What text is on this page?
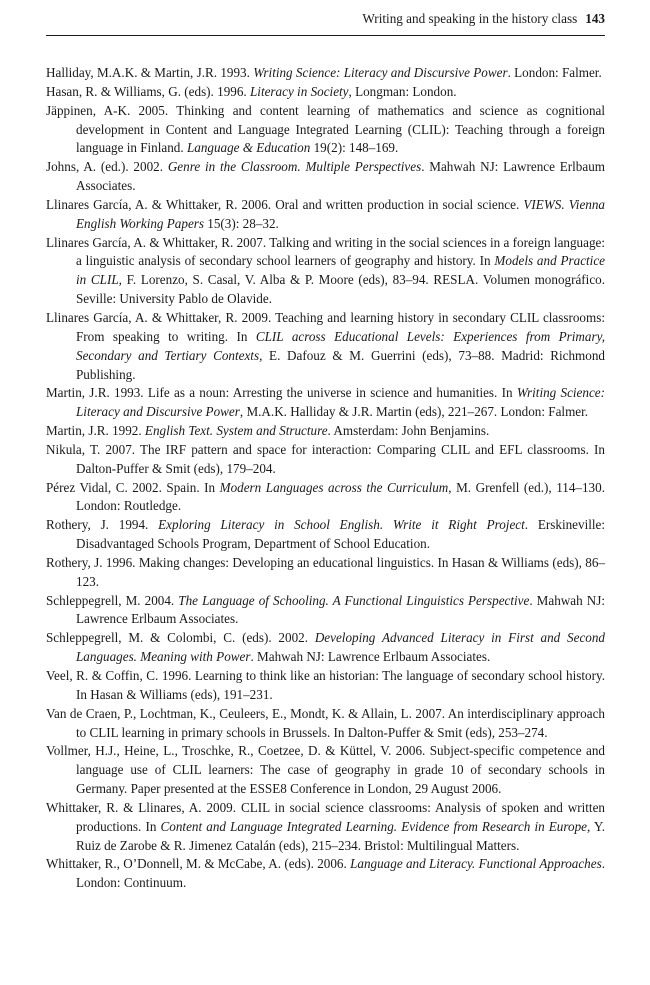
Writing and speaking in the history class 143

Halliday, M.A.K. & Martin, J.R. 1993. Writing Science: Literacy and Discursive Power. London: Falmer.

Hasan, R. & Williams, G. (eds). 1996. Literacy in Society, Longman: London.

Jäppinen, A-K. 2005. Thinking and content learning of mathematics and science as cognitional development in Content and Language Integrated Learning (CLIL): Teaching through a foreign language in Finland. Language & Education 19(2): 148–169.

Johns, A. (ed.). 2002. Genre in the Classroom. Multiple Perspectives. Mahwah NJ: Lawrence Erlbaum Associates.

Llinares García, A. & Whittaker, R. 2006. Oral and written production in social science. VIEWS. Vienna English Working Papers 15(3): 28–32.

Llinares García, A. & Whittaker, R. 2007. Talking and writing in the social sciences in a foreign language: a linguistic analysis of secondary school learners of geography and history. In Models and Practice in CLIL, F. Lorenzo, S. Casal, V. Alba & P. Moore (eds), 83–94. RESLA. Volumen monográfico. Seville: University Pablo de Olavide.

Llinares García, A. & Whittaker, R. 2009. Teaching and learning history in secondary CLIL classrooms: From speaking to writing. In CLIL across Educational Levels: Experiences from Primary, Secondary and Tertiary Contexts, E. Dafouz & M. Guerrini (eds), 73–88. Madrid: Richmond Publishing.

Martin, J.R. 1993. Life as a noun: Arresting the universe in science and humanities. In Writing Science: Literacy and Discursive Power, M.A.K. Halliday & J.R. Martin (eds), 221–267. London: Falmer.

Martin, J.R. 1992. English Text. System and Structure. Amsterdam: John Benjamins.

Nikula, T. 2007. The IRF pattern and space for interaction: Comparing CLIL and EFL classrooms. In Dalton-Puffer & Smit (eds), 179–204.

Pérez Vidal, C. 2002. Spain. In Modern Languages across the Curriculum, M. Grenfell (ed.), 114–130. London: Routledge.

Rothery, J. 1994. Exploring Literacy in School English. Write it Right Project. Erskineville: Disadvantaged Schools Program, Department of School Education.

Rothery, J. 1996. Making changes: Developing an educational linguistics. In Hasan & Williams (eds), 86–123.

Schleppegrell, M. 2004. The Language of Schooling. A Functional Linguistics Perspective. Mahwah NJ: Lawrence Erlbaum Associates.

Schleppegrell, M. & Colombi, C. (eds). 2002. Developing Advanced Literacy in First and Second Languages. Meaning with Power. Mahwah NJ: Lawrence Erlbaum Associates.

Veel, R. & Coffin, C. 1996. Learning to think like an historian: The language of secondary school history. In Hasan & Williams (eds), 191–231.

Van de Craen, P., Lochtman, K., Ceuleers, E., Mondt, K. & Allain, L. 2007. An interdisciplinary approach to CLIL learning in primary schools in Brussels. In Dalton-Puffer & Smit (eds), 253–274.

Vollmer, H.J., Heine, L., Troschke, R., Coetzee, D. & Küttel, V. 2006. Subject-specific competence and language use of CLIL learners: The case of geography in grade 10 of secondary schools in Germany. Paper presented at the ESSE8 Conference in London, 29 August 2006.

Whittaker, R. & Llinares, A. 2009. CLIL in social science classrooms: Analysis of spoken and written productions. In Content and Language Integrated Learning. Evidence from Research in Europe, Y. Ruiz de Zarobe & R. Jimenez Catalán (eds), 215–234. Bristol: Multilingual Matters.

Whittaker, R., O’Donnell, M. & McCabe, A. (eds). 2006. Language and Literacy. Functional Approaches. London: Continuum.
